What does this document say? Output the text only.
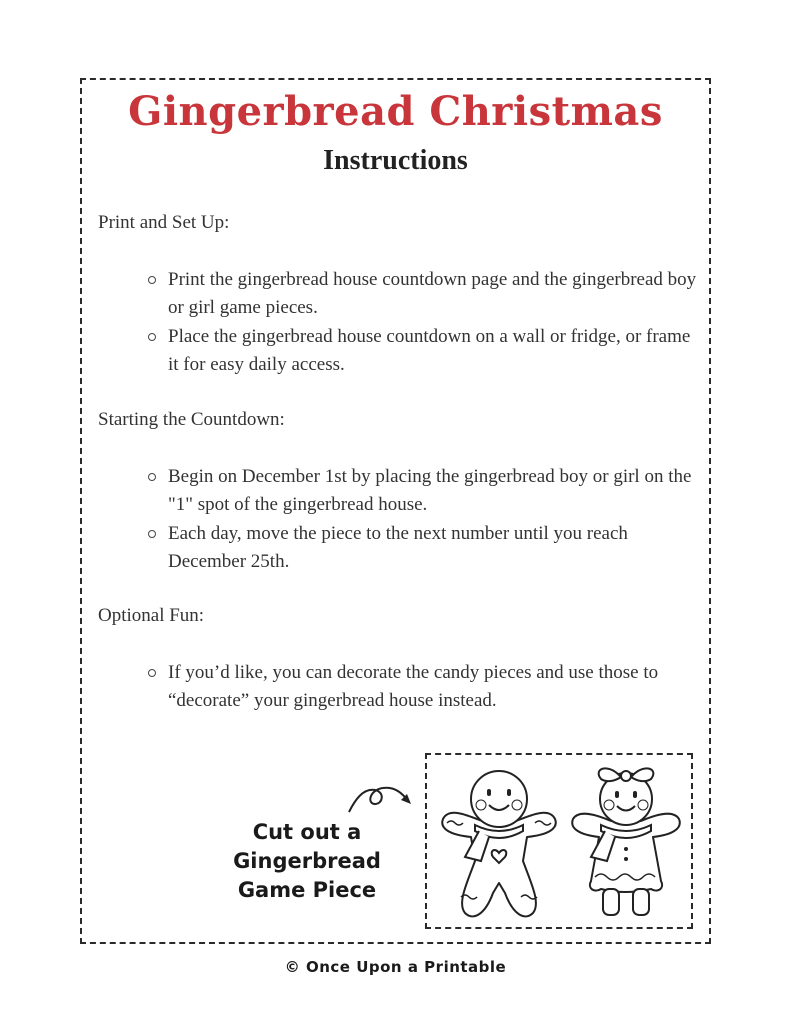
Gingerbread Christmas
Instructions

Print and Set Up:

Print the gingerbread house countdown page and the gingerbread boy or girl game pieces.
Place the gingerbread house countdown on a wall or fridge, or frame it for easy daily access.

Starting the Countdown:

Begin on December 1st by placing the gingerbread boy or girl on the "1" spot of the gingerbread house.
Each day, move the piece to the next number until you reach December 25th.

Optional Fun:

If you’d like, you can decorate the candy pieces and use those to “decorate” your gingerbread house instead.
Cut out a
Gingerbread
Game Piece

© Once Upon a Printable
